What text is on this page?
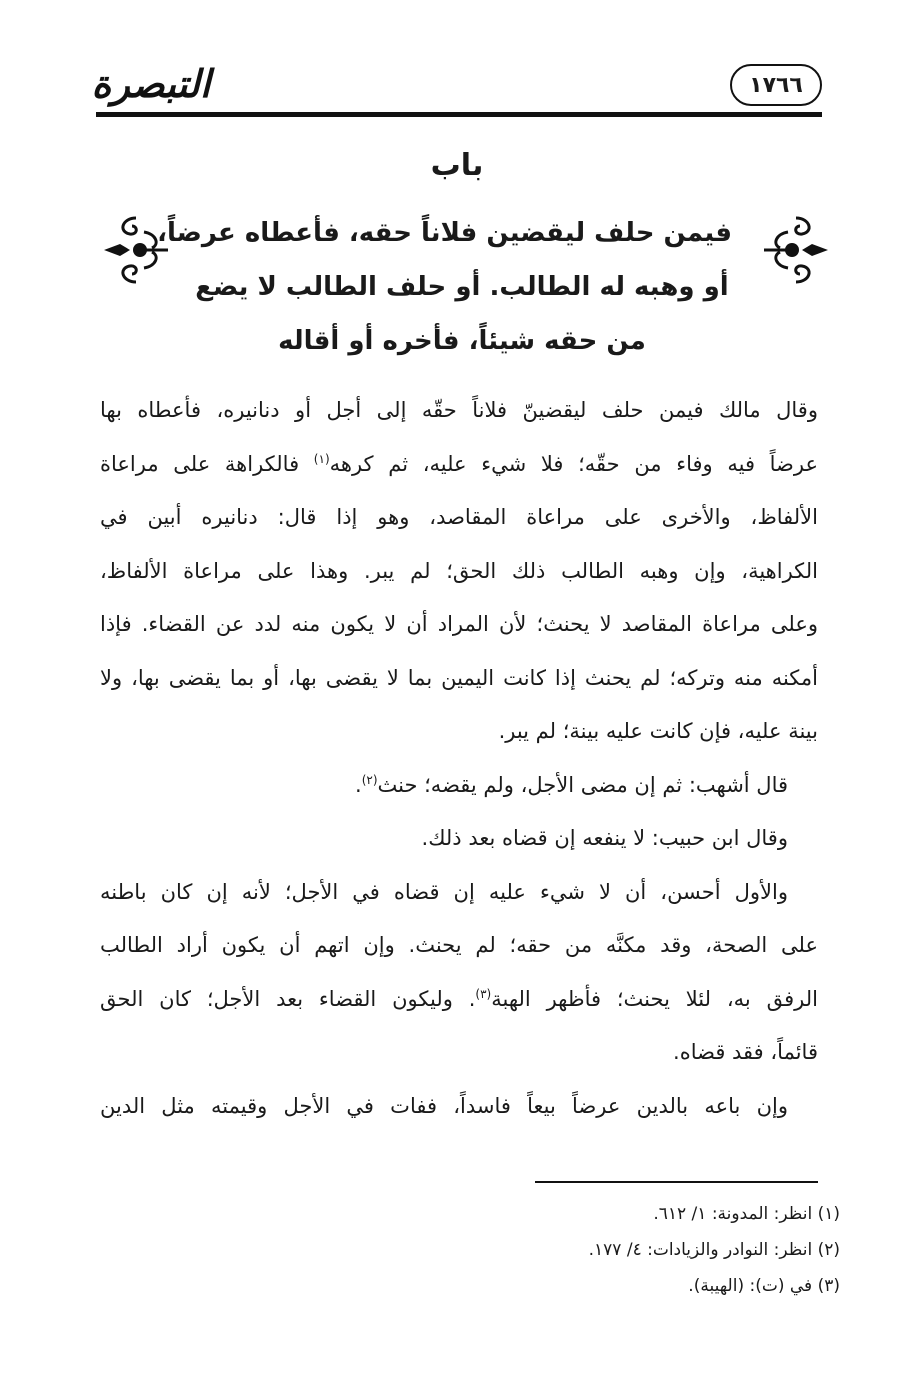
التبصرة	١٧٦٦
باب
فيمن حلف ليقضين فلاناً حقه، فأعطاه عرضاً،
أو وهبه له الطالب. أو حلف الطالب لا يضع
من حقه شيئاً، فأخره أو أقاله
وقال مالك فيمن حلف ليقضينّ فلاناً حقّه إلى أجل أو دنانيره، فأعطاه بها
عرضاً فيه وفاء من حقّه؛ فلا شيء عليه، ثم كرهه$^{(١)}$ فالكراهة على مراعاة
الألفاظ، والأخرى على مراعاة المقاصد، وهو إذا قال: دنانيره أبين في
الكراهية، وإن وهبه الطالب ذلك الحق؛ لم يبر. وهذا على مراعاة الألفاظ،
وعلى مراعاة المقاصد لا يحنث؛ لأن المراد أن لا يكون منه لدد عن القضاء. فإذا
أمكنه منه وتركه؛ لم يحنث إذا كانت اليمين بما لا يقضى بها، أو بما يقضى بها، ولا
بينة عليه، فإن كانت عليه بينة؛ لم يبر.
قال أشهب: ثم إن مضى الأجل، ولم يقضه؛ حنث$^{(٢)}$.
وقال ابن حبيب: لا ينفعه إن قضاه بعد ذلك.
والأول أحسن، أن لا شيء عليه إن قضاه في الأجل؛ لأنه إن كان باطنه
على الصحة، وقد مكنَّه من حقه؛ لم يحنث. وإن اتهم أن يكون أراد الطالب
الرفق به، لئلا يحنث؛ فأظهر الهبة$^{(٣)}$. وليكون القضاء بعد الأجل؛ كان الحق
قائماً، فقد قضاه.
وإن باعه بالدين عرضاً بيعاً فاسداً، ففات في الأجل وقيمته مثل الدين
(١) انظر: المدونة: ١/ ٦١٢.
(٢) انظر: النوادر والزيادات: ٤/ ١٧٧.
(٣) في (ت): (الهيبة).
